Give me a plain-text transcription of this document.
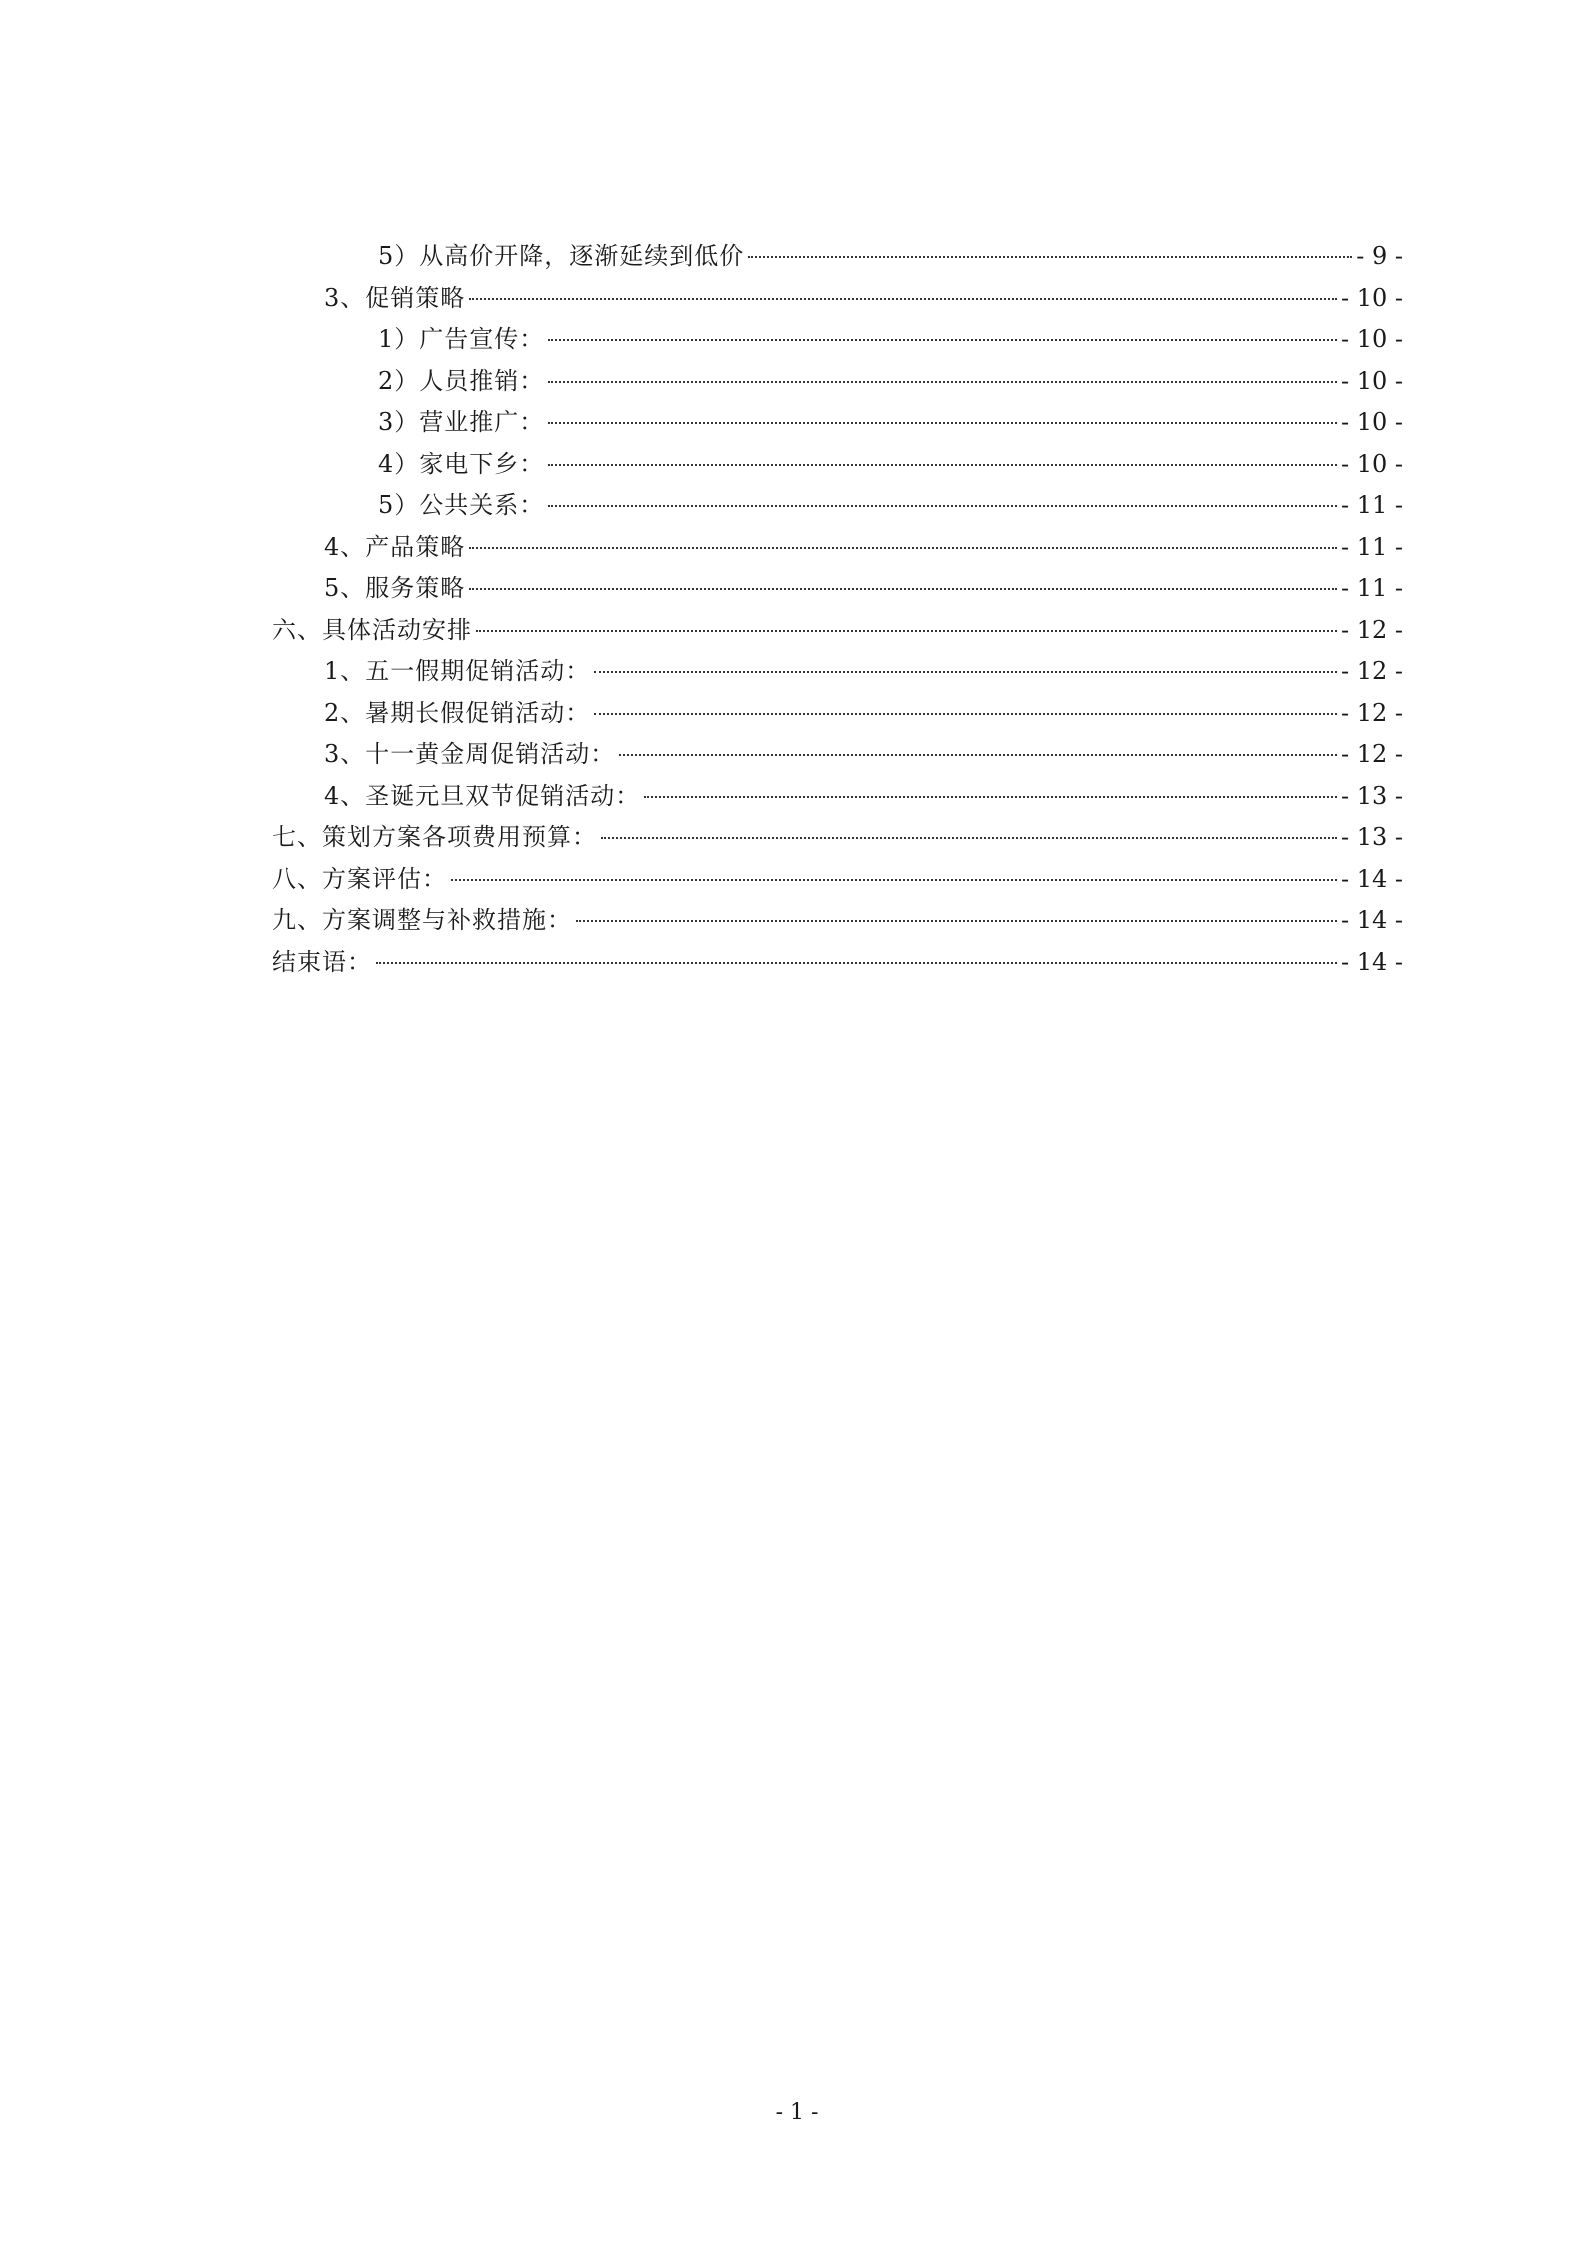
5）从高价开降，逐渐延续到低价	- 9 -
3、促销策略	- 10 -
1）广告宣传：	- 10 -
2）人员推销：	- 10 -
3）营业推广：	- 10 -
4）家电下乡：	- 10 -
5）公共关系：	- 11 -
4、产品策略	- 11 -
5、服务策略	- 11 -
六、具体活动安排	- 12 -
1、五一假期促销活动：	- 12 -
2、暑期长假促销活动：	- 12 -
3、十一黄金周促销活动：	- 12 -
4、圣诞元旦双节促销活动：	- 13 -
七、策划方案各项费用预算：	- 13 -
八、方案评估：	- 14 -
九、方案调整与补救措施：	- 14 -
结束语：	- 14 -
- 1 -
